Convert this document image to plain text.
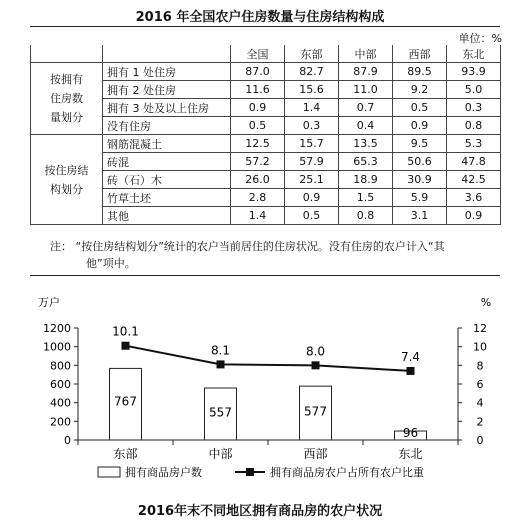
2016 年全国农户住房数量与住房结构构成
单位：%
		全国	东部	中部	西部	东北
按拥有
住房数
量划分	拥有 1 处住房	87.0	82.7	87.9	89.5	93.9
	拥有 2 处住房	11.6	15.6	11.0	9.2	5.0
	拥有 3 处及以上住房	0.9	1.4	0.7	0.5	0.3
	没有住房	0.5	0.3	0.4	0.9	0.8
按住房结
构划分	钢筋混凝土	12.5	15.7	13.5	9.5	5.3
	砖混	57.2	57.9	65.3	50.6	47.8
	砖（石）木	26.0	25.1	18.9	30.9	42.5
	竹草土坯	2.8	0.9	1.5	5.9	3.6
	其他	1.4	0.5	0.8	3.1	0.9
注： “按住房结构划分”统计的农户当前居住的住房状况。没有住房的农户计入“其
他”项中。
万户	%
0
200
400
600
800
1000
1200
0
2
4
6
8
10
12
767
557	577
96
10.1
8.1	8.0	7.4
东部	中部	西部	东北
拥有商品房户数	拥有商品房农户占所有农户比重
2016年末不同地区拥有商品房的农户状况
